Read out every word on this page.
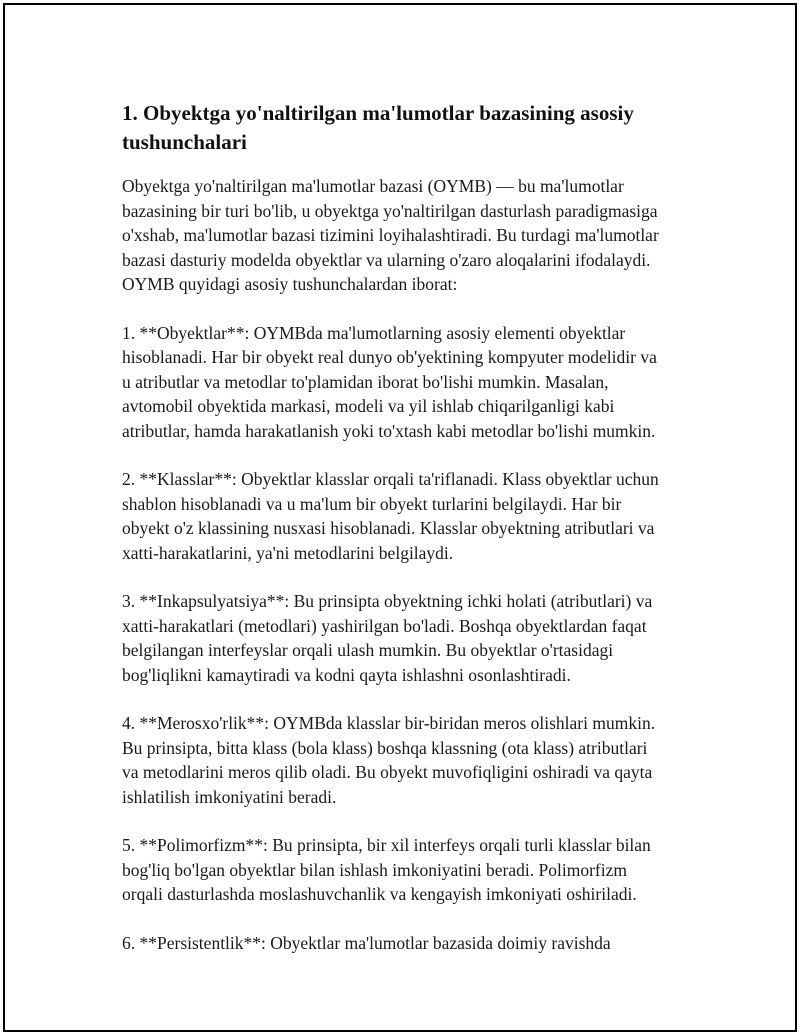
1. Obyektga yo'naltirilgan ma'lumotlar bazasining asosiy
tushunchalari

Obyektga yo'naltirilgan ma'lumotlar bazasi (OYMB) — bu ma'lumotlar
bazasining bir turi bo'lib, u obyektga yo'naltirilgan dasturlash paradigmasiga
o'xshab, ma'lumotlar bazasi tizimini loyihalashtiradi. Bu turdagi ma'lumotlar
bazasi dasturiy modelda obyektlar va ularning o'zaro aloqalarini ifodalaydi.
OYMB quyidagi asosiy tushunchalardan iborat:

1. **Obyektlar**: OYMBda ma'lumotlarning asosiy elementi obyektlar
hisoblanadi. Har bir obyekt real dunyo ob'yektining kompyuter modelidir va
u atributlar va metodlar to'plamidan iborat bo'lishi mumkin. Masalan,
avtomobil obyektida markasi, modeli va yil ishlab chiqarilganligi kabi
atributlar, hamda harakatlanish yoki to'xtash kabi metodlar bo'lishi mumkin.

2. **Klasslar**: Obyektlar klasslar orqali ta'riflanadi. Klass obyektlar uchun
shablon hisoblanadi va u ma'lum bir obyekt turlarini belgilaydi. Har bir
obyekt o'z klassining nusxasi hisoblanadi. Klasslar obyektning atributlari va
xatti-harakatlarini, ya'ni metodlarini belgilaydi.

3. **Inkapsulyatsiya**: Bu prinsipta obyektning ichki holati (atributlari) va
xatti-harakatlari (metodlari) yashirilgan bo'ladi. Boshqa obyektlardan faqat
belgilangan interfeyslar orqali ulash mumkin. Bu obyektlar o'rtasidagi
bog'liqlikni kamaytiradi va kodni qayta ishlashni osonlashtiradi.

4. **Merosxo'rlik**: OYMBda klasslar bir-biridan meros olishlari mumkin.
Bu prinsipta, bitta klass (bola klass) boshqa klassning (ota klass) atributlari
va metodlarini meros qilib oladi. Bu obyekt muvofiqligini oshiradi va qayta
ishlatilish imkoniyatini beradi.

5. **Polimorfizm**: Bu prinsipta, bir xil interfeys orqali turli klasslar bilan
bog'liq bo'lgan obyektlar bilan ishlash imkoniyatini beradi. Polimorfizm
orqali dasturlashda moslashuvchanlik va kengayish imkoniyati oshiriladi.

6. **Persistentlik**: Obyektlar ma'lumotlar bazasida doimiy ravishda
